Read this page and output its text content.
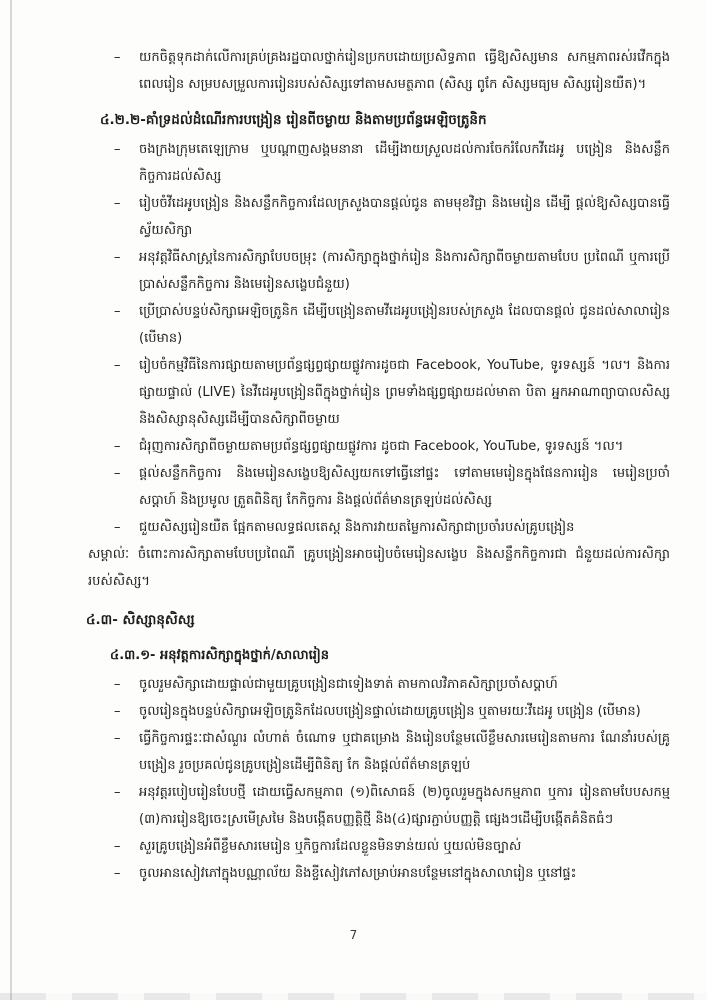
–	យកចិត្តទុកដាក់លើការគ្រប់គ្រងរដ្ឋបាលថ្នាក់រៀនប្រកបដោយប្រសិទ្ធភាព ធ្វើឱ្យសិស្សមាន សកម្មភាពរស់រវើកក្នុងពេលរៀន សម្របសម្រួលការរៀនរបស់សិស្សទៅតាមសមត្ថភាព (សិស្ស ពូកែ សិស្សមធ្យម សិស្សរៀនយឺត)។
៤.២.២-គាំទ្រដល់ដំណើរការបង្រៀន រៀនពីចម្ងាយ និងតាមប្រព័ន្ធអេឡិចត្រូនិក
–	ចងក្រងក្រុមតេឡេក្រាម ឬបណ្តាញសង្គមនានា ដើម្បីងាយស្រួលដល់ការចែករំលែកវីដេអូ បង្រៀន និងសន្លឹកកិច្ចការដល់សិស្ស
–	រៀបចំវីដេអូបង្រៀន និងសន្លឹកកិច្ចការដែលក្រសួងបានផ្តល់ជូន តាមមុខវិជ្ជា និងមេរៀន ដើម្បី ផ្តល់ឱ្យសិស្សបានធ្វើស្វ័យសិក្សា
–	អនុវត្តវិធីសាស្ត្រនៃការសិក្សាបែបចម្រុះ (ការសិក្សាក្នុងថ្នាក់រៀន និងការសិក្សាពីចម្ងាយតាមបែប ប្រពៃណី ឬការប្រើប្រាស់សន្លឹកកិច្ចការ និងមេរៀនសង្ខេបជំនួយ)
–	ប្រើប្រាស់បន្ទប់សិក្សាអេឡិចត្រូនិក ដើម្បីបង្រៀនតាមវីដេអូបង្រៀនរបស់ក្រសួង ដែលបានផ្តល់ ជូនដល់សាលារៀន (បើមាន)
–	រៀបចំកម្មវិធីនៃការផ្សាយតាមប្រព័ន្ធផ្សព្វផ្សាយផ្លូវការដូចជា Facebook, YouTube, ទូរទស្សន៍ ។ល។ និងការផ្សាយផ្ទាល់ (LIVE) នៃវីដេអូបង្រៀនពីក្នុងថ្នាក់រៀន ព្រមទាំងផ្សព្វផ្សាយដល់មាតា បិតា អ្នកអាណាព្យាបាលសិស្ស និងសិស្សានុសិស្សដើម្បីបានសិក្សាពីចម្ងាយ
–	ជំរុញការសិក្សាពីចម្ងាយតាមប្រព័ន្ធផ្សព្វផ្សាយផ្លូវការ ដូចជា Facebook, YouTube, ទូរទស្សន៍ ។ល។
–	ផ្តល់សន្លឹកកិច្ចការ និងមេរៀនសង្ខេបឱ្យសិស្សយកទៅធ្វើនៅផ្ទះ ទៅតាមមេរៀនក្នុងផែនការរៀន មេរៀនប្រចាំសប្តាហ៍ និងប្រមូល ត្រួតពិនិត្យ កែកិច្ចការ និងផ្តល់ព័ត៌មានត្រឡប់ដល់សិស្ស
–	ជួយសិស្សរៀនយឺត ផ្អែកតាមលទ្ធផលតេស្ត និងការវាយតម្លៃការសិក្សាជាប្រចាំរបស់គ្រូបង្រៀន
សម្គាល់ៈ ចំពោះការសិក្សាតាមបែបប្រពៃណី គ្រូបង្រៀនអាចរៀបចំមេរៀនសង្ខេប និងសន្លឹកកិច្ចការជា ជំនួយដល់ការសិក្សារបស់សិស្ស។
៤.៣- សិស្សានុសិស្ស
៤.៣.១- អនុវត្តការសិក្សាក្នុងថ្នាក់/សាលារៀន
–	ចូលរួមសិក្សាដោយផ្ទាល់ជាមួយគ្រូបង្រៀនជាទៀងទាត់ តាមកាលវិភាគសិក្សាប្រចាំសប្តាហ៍
–	ចូលរៀនក្នុងបន្ទប់សិក្សាអេឡិចត្រូនិកដែលបង្រៀនផ្ទាល់ដោយគ្រូបង្រៀន ឬតាមរយៈវីដេអូ បង្រៀន (បើមាន)
–	ធ្វើកិច្ចការផ្ទះៈជាសំណួរ លំហាត់ ចំណោទ ឬជាគម្រោង និងរៀនបន្ថែមលើខ្លឹមសារមេរៀនតាមការ ណែនាំរបស់គ្រូបង្រៀន រួចប្រគល់ជូនគ្រូបង្រៀនដើម្បីពិនិត្យ កែ និងផ្តល់ព័ត៌មានត្រឡប់
–	អនុវត្តរបៀបរៀនបែបថ្មី ដោយធ្វើសកម្មភាព (១)ពិសោធន៍ (២)ចូលរួមក្នុងសកម្មភាព ឬការ រៀនតាមបែបសកម្ម (៣)ការរៀនឱ្យចេះស្រមើស្រមៃ និងបង្កើតបញ្ញត្តិថ្មី និង(៤)ផ្សារភ្ជាប់បញ្ញត្តិ ផ្សេងៗដើម្បីបង្កើតគំនិតធំៗ
–	សួរគ្រូបង្រៀនអំពីខ្លឹមសារមេរៀន ឬកិច្ចការដែលខ្លួនមិនទាន់យល់ ឬយល់មិនច្បាស់
–	ចូលអានសៀវភៅក្នុងបណ្ណាល័យ និងខ្ចីសៀវភៅសម្រាប់អានបន្ថែមនៅក្នុងសាលារៀន ឬនៅផ្ទះ
7
